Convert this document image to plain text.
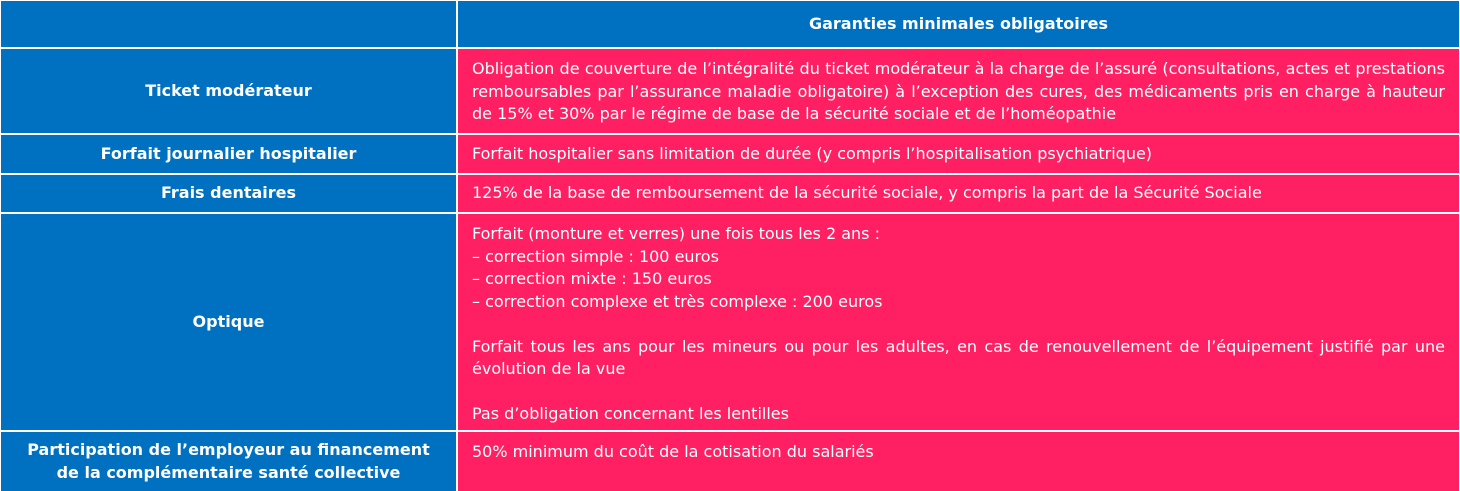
Garanties minimales obligatoires
Ticket modérateur
Obligation de couverture de l’intégralité du ticket modérateur à la charge de l’assuré (consultations, actes et prestations remboursables par l’assurance maladie obligatoire) à l’exception des cures, des médicaments pris en charge à hauteur de 15% et 30% par le régime de base de la sécurité sociale et de l’homéopathie
Forfait journalier hospitalier	Forfait hospitalier sans limitation de durée (y compris l’hospitalisation psychiatrique)
Frais dentaires	125% de la base de remboursement de la sécurité sociale, y compris la part de la Sécurité Sociale
Optique
Forfait (monture et verres) une fois tous les 2 ans :
– correction simple : 100 euros
– correction mixte : 150 euros
– correction complexe et très complexe : 200 euros
Forfait tous les ans pour les mineurs ou pour les adultes, en cas de renouvellement de l’équipement justifié par une évolution de la vue
Pas d’obligation concernant les lentilles
Participation de l’employeur au financement de la complémentaire santé collective
50% minimum du coût de la cotisation du salariés
